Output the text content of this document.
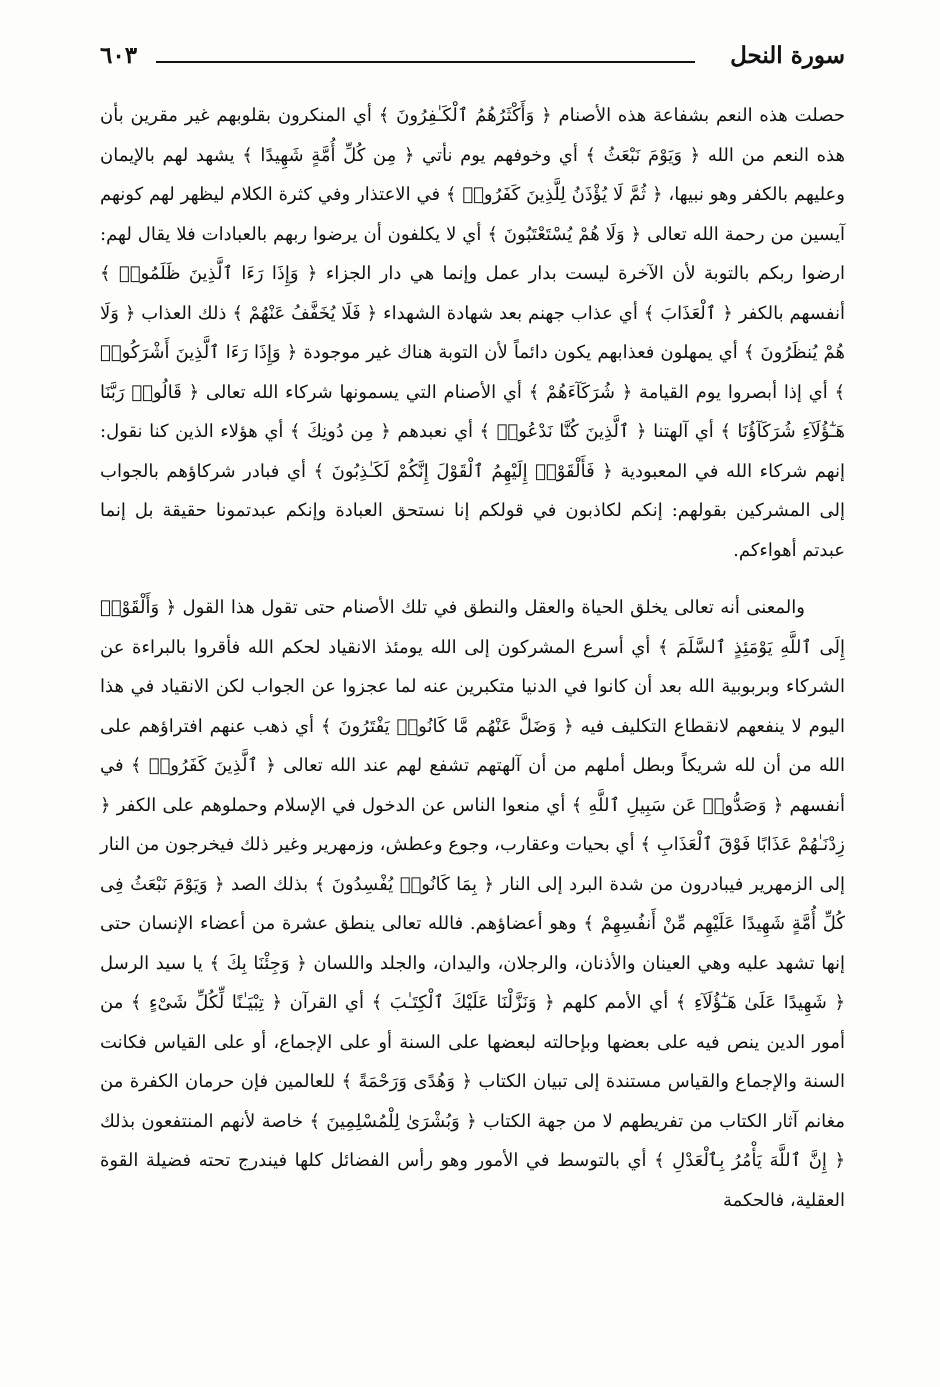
سورة النحل
٦٠٣

حصلت هذه النعم بشفاعة هذه الأصنام ﴿ وَأَكْثَرُهُمُ ٱلْكَـٰفِرُونَ ﴾ أي المنكرون بقلوبهم غير مقرين بأن هذه النعم من الله ﴿ وَيَوْمَ نَبْعَثُ ﴾ أي وخوفهم يوم نأتي ﴿ مِن كُلِّ أُمَّةٍ شَهِيدًا ﴾ يشهد لهم بالإيمان وعليهم بالكفر وهو نبيها، ﴿ ثُمَّ لَا يُؤْذَنُ لِلَّذِينَ كَفَرُوا۟ ﴾ في الاعتذار وفي كثرة الكلام ليظهر لهم كونهم آيسين من رحمة الله تعالى ﴿ وَلَا هُمْ يُسْتَعْتَبُونَ ﴾ أي لا يكلفون أن يرضوا ربهم بالعبادات فلا يقال لهم: ارضوا ربكم بالتوبة لأن الآخرة ليست بدار عمل وإنما هي دار الجزاء ﴿ وَإِذَا رَءَا ٱلَّذِينَ ظَلَمُوا۟ ﴾ أنفسهم بالكفر ﴿ ٱلْعَذَابَ ﴾ أي عذاب جهنم بعد شهادة الشهداء ﴿ فَلَا يُخَفَّفُ عَنْهُمْ ﴾ ذلك العذاب ﴿ وَلَا هُمْ يُنظَرُونَ ﴾ أي يمهلون فعذابهم يكون دائماً لأن التوبة هناك غير موجودة ﴿ وَإِذَا رَءَا ٱلَّذِينَ أَشْرَكُوا۟ ﴾ أي إذا أبصروا يوم القيامة ﴿ شُرَكَآءَهُمْ ﴾ أي الأصنام التي يسمونها شركاء الله تعالى ﴿ قَالُوا۟ رَبَّنَا هَـٰٓؤُلَآءِ شُرَكَآؤُنَا ﴾ أي آلهتنا ﴿ ٱلَّذِينَ كُنَّا نَدْعُوا۟ ﴾ أي نعبدهم ﴿ مِن دُونِكَ ﴾ أي هؤلاء الذين كنا نقول: إنهم شركاء الله في المعبودية ﴿ فَأَلْقَوْا۟ إِلَيْهِمُ ٱلْقَوْلَ إِنَّكُمْ لَكَـٰذِبُونَ ﴾ أي فبادر شركاؤهم بالجواب إلى المشركين بقولهم: إنكم لكاذبون في قولكم إنا نستحق العبادة وإنكم عبدتمونا حقيقة بل إنما عبدتم أهواءكم.

والمعنى أنه تعالى يخلق الحياة والعقل والنطق في تلك الأصنام حتى تقول هذا القول ﴿ وَأَلْقَوْا۟ إِلَى ٱللَّهِ يَوْمَئِذٍ ٱلسَّلَمَ ﴾ أي أسرع المشركون إلى الله يومئذ الانقياد لحكم الله فأقروا بالبراءة عن الشركاء وبربوبية الله بعد أن كانوا في الدنيا متكبرين عنه لما عجزوا عن الجواب لكن الانقياد في هذا اليوم لا ينفعهم لانقطاع التكليف فيه ﴿ وَضَلَّ عَنْهُم مَّا كَانُوا۟ يَفْتَرُونَ ﴾ أي ذهب عنهم افتراؤهم على الله من أن لله شريكاً وبطل أملهم من أن آلهتهم تشفع لهم عند الله تعالى ﴿ ٱلَّذِينَ كَفَرُوا۟ ﴾ في أنفسهم ﴿ وَصَدُّوا۟ عَن سَبِيلِ ٱللَّهِ ﴾ أي منعوا الناس عن الدخول في الإسلام وحملوهم على الكفر ﴿ زِدْنَـٰهُمْ عَذَابًا فَوْقَ ٱلْعَذَابِ ﴾ أي بحيات وعقارب، وجوع وعطش، وزمهرير وغير ذلك فيخرجون من النار إلى الزمهرير فيبادرون من شدة البرد إلى النار ﴿ بِمَا كَانُوا۟ يُفْسِدُونَ ﴾ بذلك الصد ﴿ وَيَوْمَ نَبْعَثُ فِى كُلِّ أُمَّةٍ شَهِيدًا عَلَيْهِم مِّنْ أَنفُسِهِمْ ﴾ وهو أعضاؤهم. فالله تعالى ينطق عشرة من أعضاء الإنسان حتى إنها تشهد عليه وهي العينان والأذنان، والرجلان، واليدان، والجلد واللسان ﴿ وَجِئْنَا بِكَ ﴾ يا سيد الرسل ﴿ شَهِيدًا عَلَىٰ هَـٰٓؤُلَآءِ ﴾ أي الأمم كلهم ﴿ وَنَزَّلْنَا عَلَيْكَ ٱلْكِتَـٰبَ ﴾ أي القرآن ﴿ تِبْيَـٰنًا لِّكُلِّ شَىْءٍ ﴾ من أمور الدين ينص فيه على بعضها وبإحالته لبعضها على السنة أو على الإجماع، أو على القياس فكانت السنة والإجماع والقياس مستندة إلى تبيان الكتاب ﴿ وَهُدًى وَرَحْمَةً ﴾ للعالمين فإن حرمان الكفرة من مغانم آثار الكتاب من تفريطهم لا من جهة الكتاب ﴿ وَبُشْرَىٰ لِلْمُسْلِمِينَ ﴾ خاصة لأنهم المنتفعون بذلك ﴿ إِنَّ ٱللَّهَ يَأْمُرُ بِٱلْعَدْلِ ﴾ أي بالتوسط في الأمور وهو رأس الفضائل كلها فيندرج تحته فضيلة القوة العقلية، فالحكمة
